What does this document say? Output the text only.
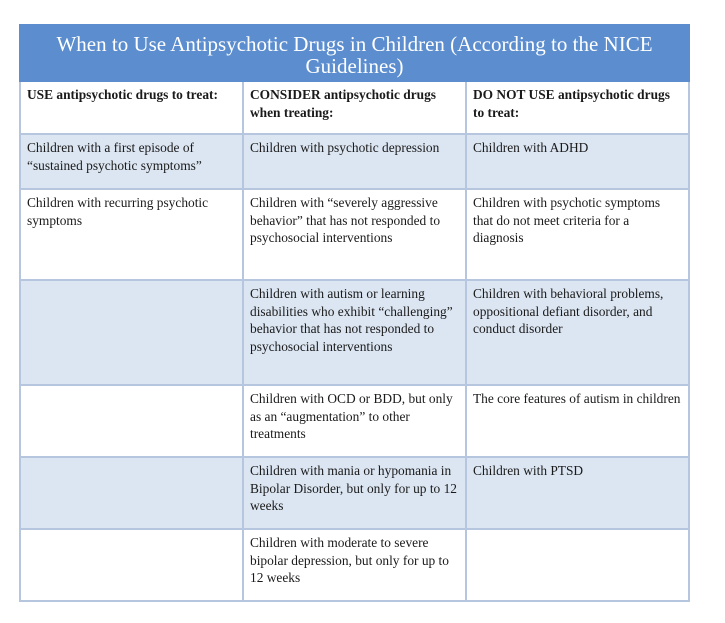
When to Use Antipsychotic Drugs in Children (According to the NICE Guidelines)		
USE antipsychotic drugs to treat:	CONSIDER antipsychotic drugs when treating:	DO NOT USE antipsychotic drugs to treat:
Children with a first episode of “sustained psychotic symptoms”	Children with psychotic depression	Children with ADHD
Children with recurring psychotic symptoms	Children with “severely aggressive behavior” that has not responded to psychosocial interventions	Children with psychotic symptoms that do not meet criteria for a diagnosis
	Children with autism or learning disabilities who exhibit “challenging” behavior that has not responded to psychosocial interventions	Children with behavioral problems, oppositional defiant disorder, and conduct disorder
	Children with OCD or BDD, but only as an “augmentation” to other treatments	The core features of autism in children
	Children with mania or hypomania in Bipolar Disorder, but only for up to 12 weeks	Children with PTSD
	Children with moderate to severe bipolar depression, but only for up to 12 weeks	
